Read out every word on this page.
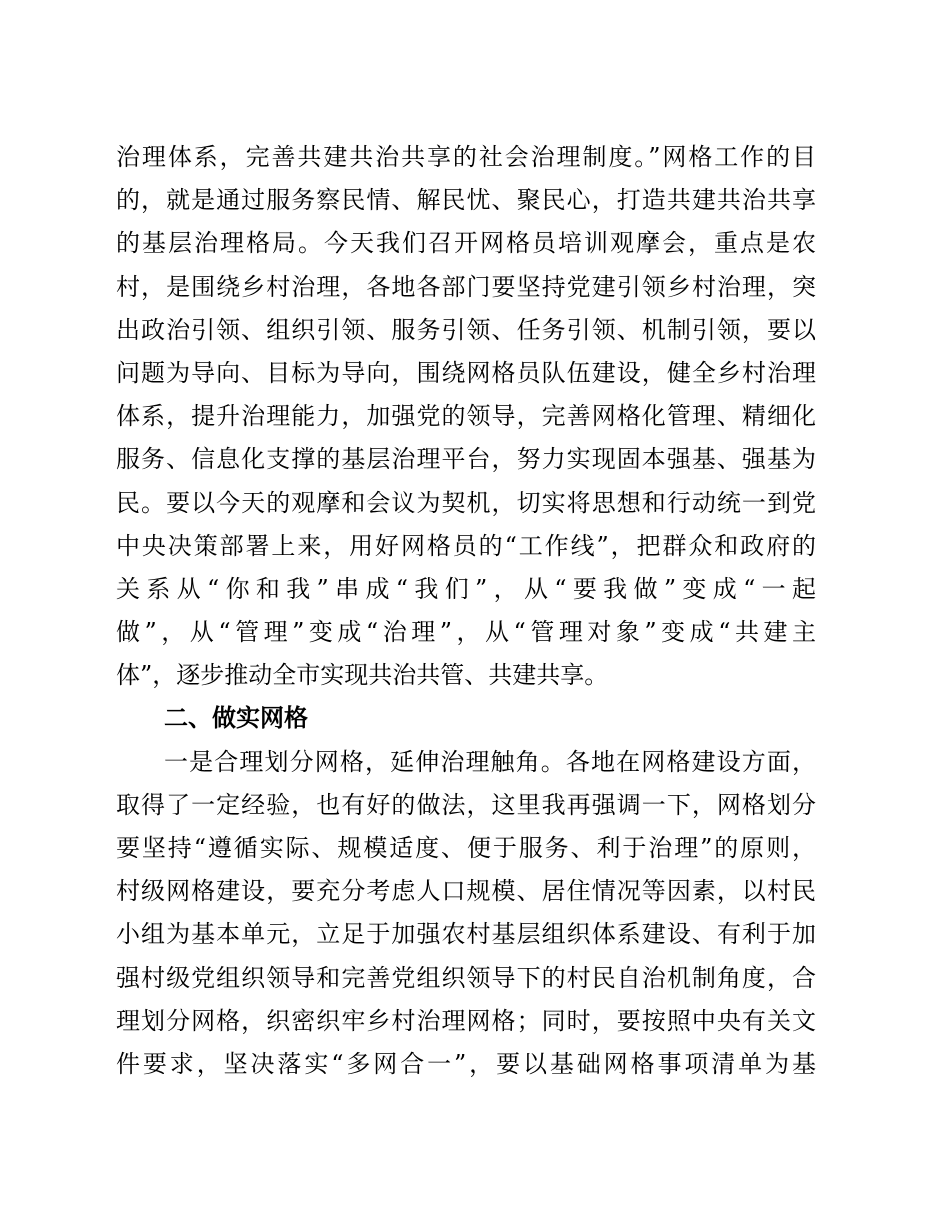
治理体系，完善共建共治共享的社会治理制度。”网格工作的目
的，就是通过服务察民情、解民忧、聚民心，打造共建共治共享
的基层治理格局。今天我们召开网格员培训观摩会，重点是农
村，是围绕乡村治理，各地各部门要坚持党建引领乡村治理，突
出政治引领、组织引领、服务引领、任务引领、机制引领，要以
问题为导向、目标为导向，围绕网格员队伍建设，健全乡村治理
体系，提升治理能力，加强党的领导，完善网格化管理、精细化
服务、信息化支撑的基层治理平台，努力实现固本强基、强基为
民。要以今天的观摩和会议为契机，切实将思想和行动统一到党
中央决策部署上来，用好网格员的“工作线”，把群众和政府的
关系从“你和我”串成“我们”，从“要我做”变成“一起
做”，从“管理”变成“治理”，从“管理对象”变成“共建主
体”，逐步推动全市实现共治共管、共建共享。
二、做实网格
一是合理划分网格，延伸治理触角。各地在网格建设方面，
取得了一定经验，也有好的做法，这里我再强调一下，网格划分
要坚持“遵循实际、规模适度、便于服务、利于治理”的原则，
村级网格建设，要充分考虑人口规模、居住情况等因素，以村民
小组为基本单元，立足于加强农村基层组织体系建设、有利于加
强村级党组织领导和完善党组织领导下的村民自治机制角度，合
理划分网格，织密织牢乡村治理网格；同时，要按照中央有关文
件要求，坚决落实“多网合一”，要以基础网格事项清单为基
